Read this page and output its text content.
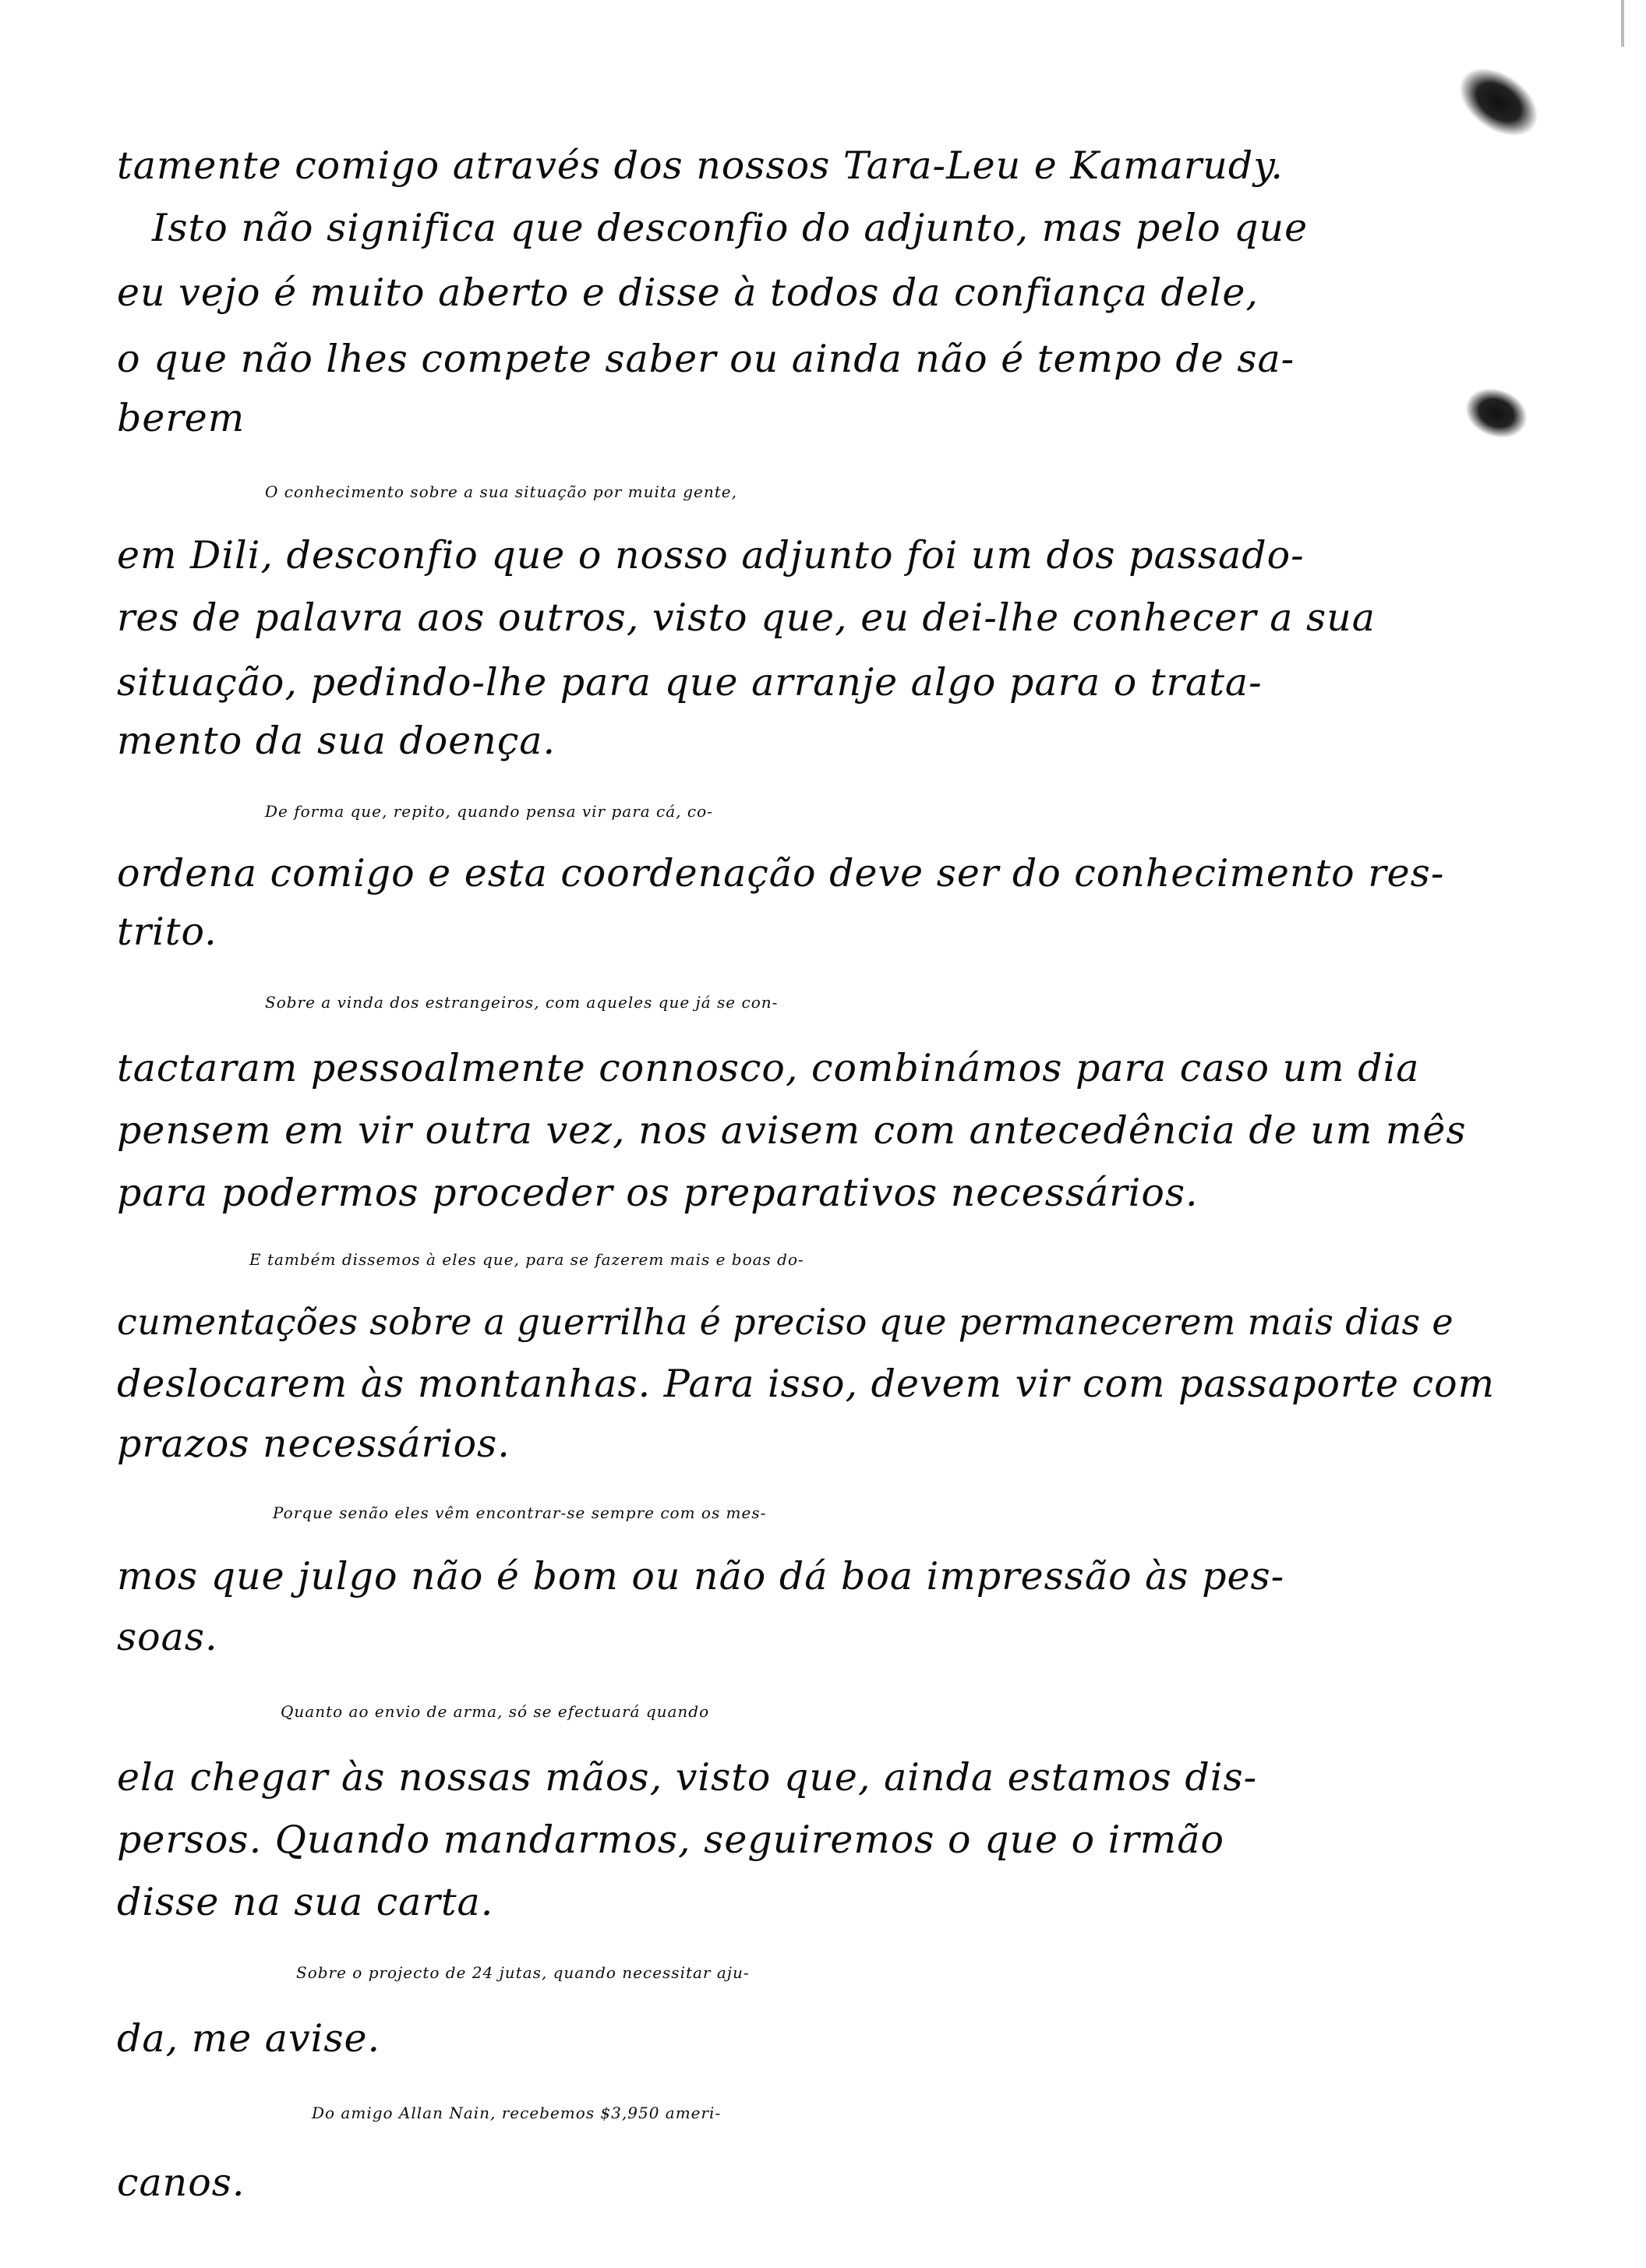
tamente comigo através dos nossos Tara-Leu e Kamarudy.
Isto não significa que desconfio do adjunto, mas pelo que
eu vejo é muito aberto e disse à todos da confiança dele,
o que não lhes compete saber ou ainda não é tempo de sa-
berem
O conhecimento sobre a sua situação por muita gente,
em Dili, desconfio que o nosso adjunto foi um dos passado-
res de palavra aos outros, visto que, eu dei-lhe conhecer a sua
situação, pedindo-lhe para que arranje algo para o trata-
mento da sua doença.
De forma que, repito, quando pensa vir para cá, co-
ordena comigo e esta coordenação deve ser do conhecimento res-
trito.
Sobre a vinda dos estrangeiros, com aqueles que já se con-
tactaram pessoalmente connosco, combinámos para caso um dia
pensem em vir outra vez, nos avisem com antecedência de um mês
para podermos proceder os preparativos necessários.
E também dissemos à eles que, para se fazerem mais e boas do-
cumentações sobre a guerrilha é preciso que permanecerem mais dias e
deslocarem às montanhas. Para isso, devem vir com passaporte com
prazos necessários.
Porque senão eles vêm encontrar-se sempre com os mes-
mos que julgo não é bom ou não dá boa impressão às pes-
soas.
Quanto ao envio de arma, só se efectuará quando
ela chegar às nossas mãos, visto que, ainda estamos dis-
persos. Quando mandarmos, seguiremos o que o irmão
disse na sua carta.
Sobre o projecto de 24 jutas, quando necessitar aju-
da, me avise.
Do amigo Allan Nain, recebemos $3,950 ameri-
canos.
